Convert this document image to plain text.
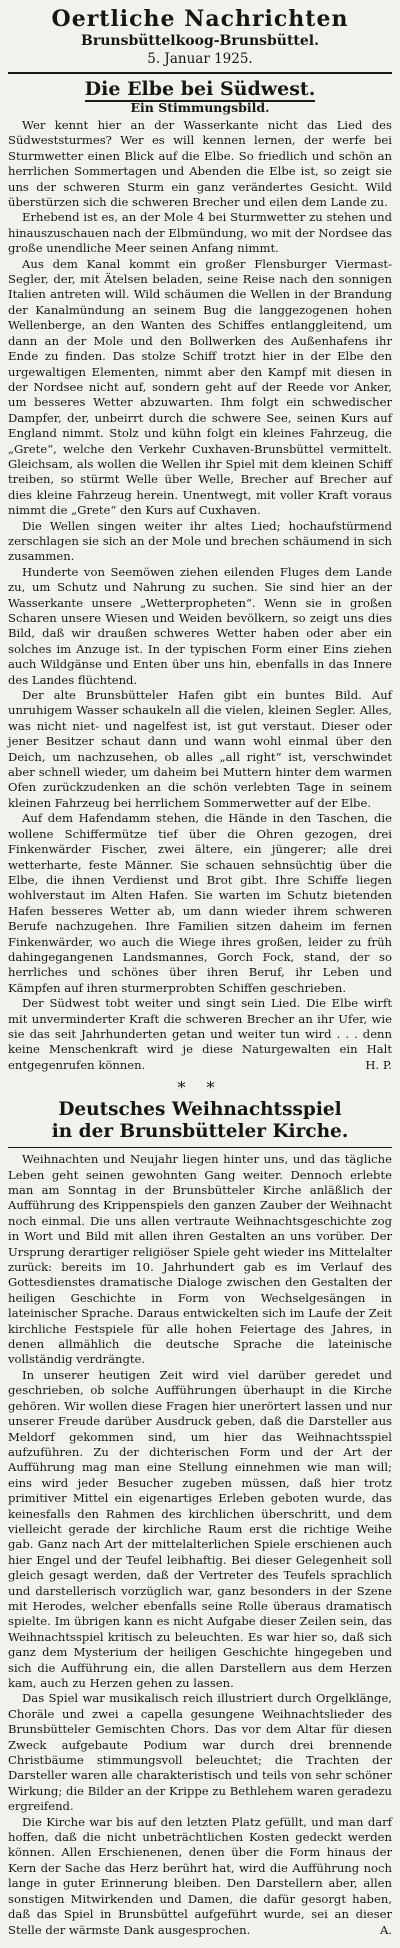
Oertliche Nachrichten
Brunsbüttelkoog-Brunsbüttel.
5. Januar 1925.
Die Elbe bei Südwest.
Ein Stimmungsbild.

Wer kennt hier an der Wasserkante nicht das Lied des Südweststurmes? Wer es will kennen lernen, der werfe bei Sturmwetter einen Blick auf die Elbe. So friedlich und schön an herrlichen Sommertagen und Abenden die Elbe ist, so zeigt sie uns der schweren Sturm ein ganz verändertes Gesicht. Wild überstürzen sich die schweren Brecher und eilen dem Lande zu.

Erhebend ist es, an der Mole 4 bei Sturmwetter zu stehen und hinauszuschauen nach der Elbmündung, wo mit der Nordsee das große unendliche Meer seinen Anfang nimmt.

Aus dem Kanal kommt ein großer Flensburger Viermast-Segler, der, mit Ätelsen beladen, seine Reise nach den sonnigen Italien antreten will. Wild schäumen die Wellen in der Brandung der Kanalmündung an seinem Bug die langgezogenen hohen Wellenberge, an den Wanten des Schiffes entlanggleitend, um dann an der Mole und den Bollwerken des Außenhafens ihr Ende zu finden. Das stolze Schiff trotzt hier in der Elbe den urgewaltigen Elementen, nimmt aber den Kampf mit diesen in der Nordsee nicht auf, sondern geht auf der Reede vor Anker, um besseres Wetter abzuwarten. Ihm folgt ein schwedischer Dampfer, der, unbeirrt durch die schwere See, seinen Kurs auf England nimmt. Stolz und kühn folgt ein kleines Fahrzeug, die „Grete“, welche den Verkehr Cuxhaven-Brunsbüttel vermittelt. Gleichsam, als wollen die Wellen ihr Spiel mit dem kleinen Schiff treiben, so stürmt Welle über Welle, Brecher auf Brecher auf dies kleine Fahrzeug herein. Unentwegt, mit voller Kraft voraus nimmt die „Grete“ den Kurs auf Cuxhaven.

Die Wellen singen weiter ihr altes Lied; hochaufstürmend zerschlagen sie sich an der Mole und brechen schäumend in sich zusammen.

Hunderte von Seemöwen ziehen eilenden Fluges dem Lande zu, um Schutz und Nahrung zu suchen. Sie sind hier an der Wasserkante unsere „Wetterpropheten“. Wenn sie in großen Scharen unsere Wiesen und Weiden bevölkern, so zeigt uns dies Bild, daß wir draußen schweres Wetter haben oder aber ein solches im Anzuge ist. In der typischen Form einer Eins ziehen auch Wildgänse und Enten über uns hin, ebenfalls in das Innere des Landes flüchtend.

Der alte Brunsbütteler Hafen gibt ein buntes Bild. Auf unruhigem Wasser schaukeln all die vielen, kleinen Segler. Alles, was nicht niet- und nagelfest ist, ist gut verstaut. Dieser oder jener Besitzer schaut dann und wann wohl einmal über den Deich, um nachzusehen, ob alles „all right“ ist, verschwindet aber schnell wieder, um daheim bei Muttern hinter dem warmen Ofen zurückzudenken an die schön verlebten Tage in seinem kleinen Fahrzeug bei herrlichem Sommerwetter auf der Elbe.

Auf dem Hafendamm stehen, die Hände in den Taschen, die wollene Schiffermütze tief über die Ohren gezogen, drei Finkenwärder Fischer, zwei ältere, ein jüngerer; alle drei wetterharte, feste Männer. Sie schauen sehnsüchtig über die Elbe, die ihnen Verdienst und Brot gibt. Ihre Schiffe liegen wohlverstaut im Alten Hafen. Sie warten im Schutz bietenden Hafen besseres Wetter ab, um dann wieder ihrem schweren Berufe nachzugehen. Ihre Familien sitzen daheim im fernen Finkenwärder, wo auch die Wiege ihres großen, leider zu früh dahingegangenen Landsmannes, Gorch Fock, stand, der so herrliches und schönes über ihren Beruf, ihr Leben und Kämpfen auf ihren sturmerprobten Schiffen geschrieben.

Der Südwest tobt weiter und singt sein Lied. Die Elbe wirft mit unverminderter Kraft die schweren Brecher an ihr Ufer, wie sie das seit Jahrhunderten getan und weiter tun wird . . . denn keine Menschenkraft wird je diese Naturgewalten ein Halt entgegenrufen können.	H. P.
* *
Deutsches Weihnachtsspiel
in der Brunsbütteler Kirche.

Weihnachten und Neujahr liegen hinter uns, und das tägliche Leben geht seinen gewohnten Gang weiter. Dennoch erlebte man am Sonntag in der Brunsbütteler Kirche anläßlich der Aufführung des Krippenspiels den ganzen Zauber der Weihnacht noch einmal. Die uns allen vertraute Weihnachtsgeschichte zog in Wort und Bild mit allen ihren Gestalten an uns vorüber. Der Ursprung derartiger religiöser Spiele geht wieder ins Mittelalter zurück: bereits im 10. Jahrhundert gab es im Verlauf des Gottesdienstes dramatische Dialoge zwischen den Gestalten der heiligen Geschichte in Form von Wechselgesängen in lateinischer Sprache. Daraus entwickelten sich im Laufe der Zeit kirchliche Festspiele für alle hohen Feiertage des Jahres, in denen allmählich die deutsche Sprache die lateinische vollständig verdrängte.

In unserer heutigen Zeit wird viel darüber geredet und geschrieben, ob solche Aufführungen überhaupt in die Kirche gehören. Wir wollen diese Fragen hier unerörtert lassen und nur unserer Freude darüber Ausdruck geben, daß die Darsteller aus Meldorf gekommen sind, um hier das Weihnachtsspiel aufzuführen. Zu der dichterischen Form und der Art der Aufführung mag man eine Stellung einnehmen wie man will; eins wird jeder Besucher zugeben müssen, daß hier trotz primitiver Mittel ein eigenartiges Erleben geboten wurde, das keinesfalls den Rahmen des kirchlichen überschritt, und dem vielleicht gerade der kirchliche Raum erst die richtige Weihe gab. Ganz nach Art der mittelalterlichen Spiele erschienen auch hier Engel und der Teufel leibhaftig. Bei dieser Gelegenheit soll gleich gesagt werden, daß der Vertreter des Teufels sprachlich und darstellerisch vorzüglich war, ganz besonders in der Szene mit Herodes, welcher ebenfalls seine Rolle überaus dramatisch spielte. Im übrigen kann es nicht Aufgabe dieser Zeilen sein, das Weihnachtsspiel kritisch zu beleuchten. Es war hier so, daß sich ganz dem Mysterium der heiligen Geschichte hingegeben und sich die Aufführung ein, die allen Darstellern aus dem Herzen kam, auch zu Herzen gehen zu lassen.

Das Spiel war musikalisch reich illustriert durch Orgelklänge, Choräle und zwei a capella gesungene Weihnachtslieder des Brunsbütteler Gemischten Chors. Das vor dem Altar für diesen Zweck aufgebaute Podium war durch drei brennende Christbäume stimmungsvoll beleuchtet; die Trachten der Darsteller waren alle charakteristisch und teils von sehr schöner Wirkung; die Bilder an der Krippe zu Bethlehem waren geradezu ergreifend.

Die Kirche war bis auf den letzten Platz gefüllt, und man darf hoffen, daß die nicht unbeträchtlichen Kosten gedeckt werden können. Allen Erschienenen, denen über die Form hinaus der Kern der Sache das Herz berührt hat, wird die Aufführung noch lange in guter Erinnerung bleiben. Den Darstellern aber, allen sonstigen Mitwirkenden und Damen, die dafür gesorgt haben, daß das Spiel in Brunsbüttel aufgeführt wurde, sei an dieser Stelle der wärmste Dank ausgesprochen.	A.
